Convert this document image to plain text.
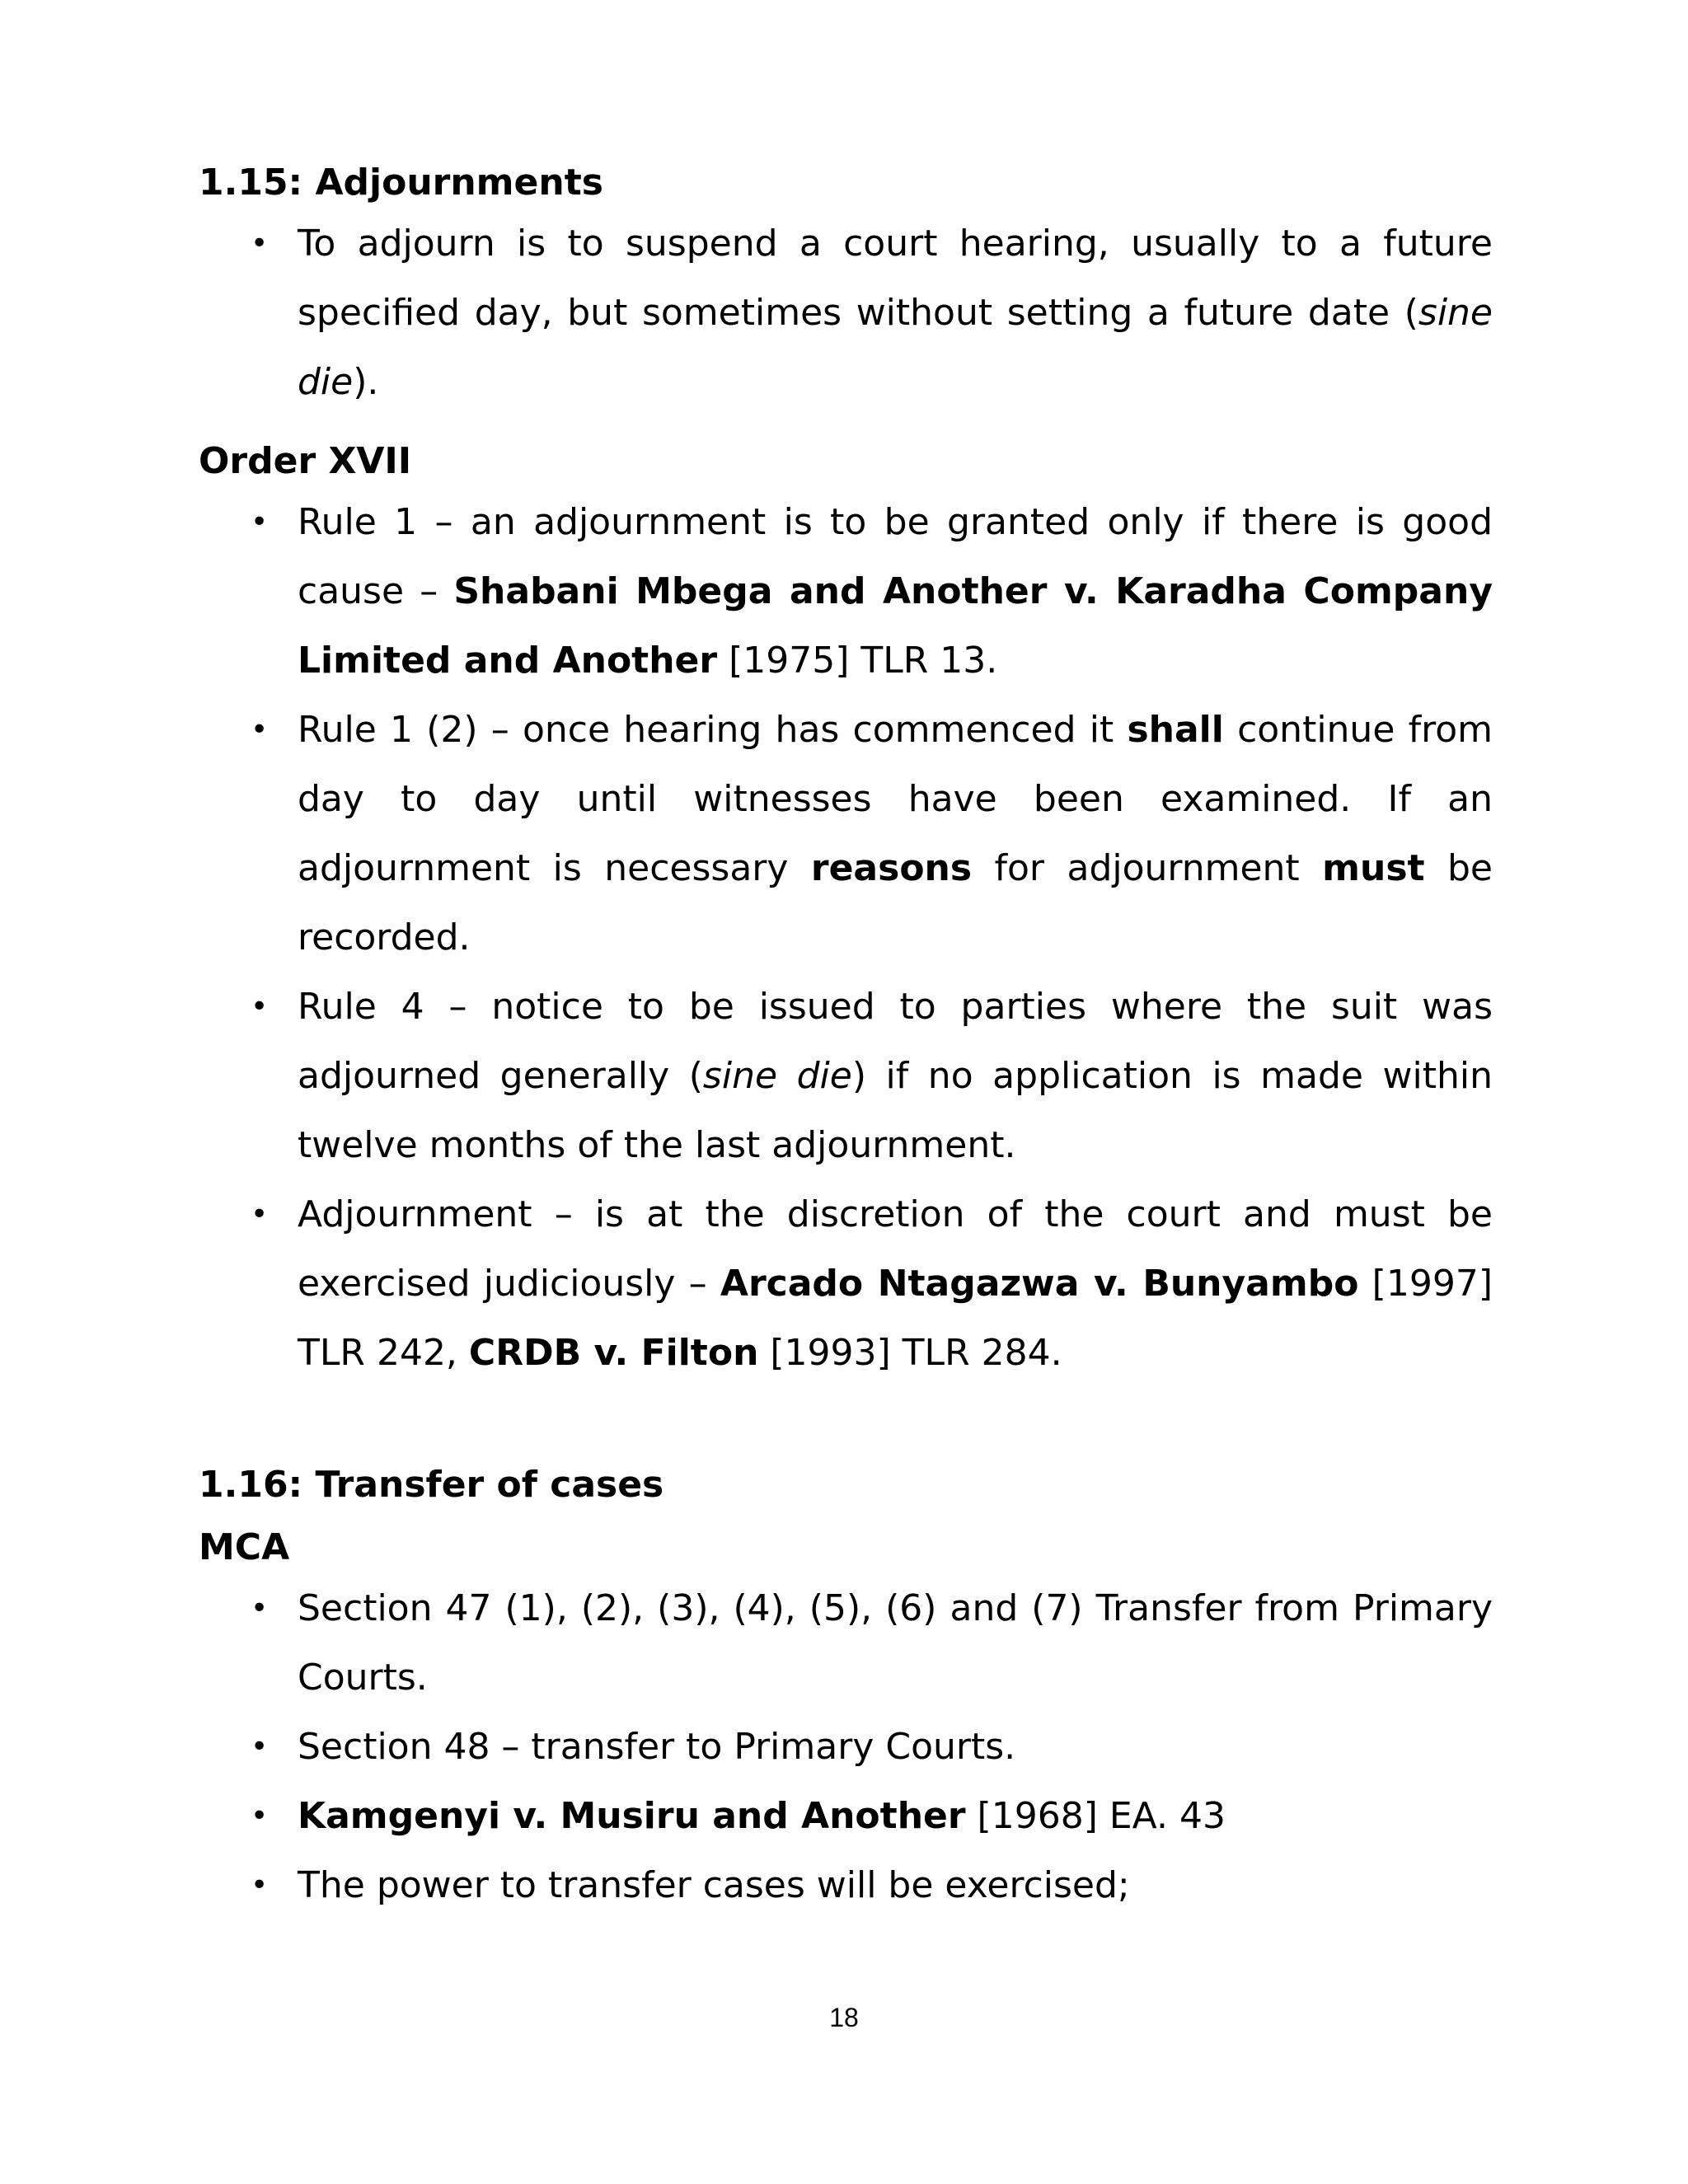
1.15: Adjournments
• To adjourn is to suspend a court hearing, usually to a future specified day, but sometimes without setting a future date (sine die).
Order XVII
• Rule 1 – an adjournment is to be granted only if there is good cause – Shabani Mbega and Another v. Karadha Company Limited and Another [1975] TLR 13.
• Rule 1 (2) – once hearing has commenced it shall continue from day to day until witnesses have been examined. If an adjournment is necessary reasons for adjournment must be recorded.
• Rule 4 – notice to be issued to parties where the suit was adjourned generally (sine die) if no application is made within twelve months of the last adjournment.
• Adjournment – is at the discretion of the court and must be exercised judiciously – Arcado Ntagazwa v. Bunyambo [1997] TLR 242, CRDB v. Filton [1993] TLR 284.
1.16: Transfer of cases
MCA
• Section 47 (1), (2), (3), (4), (5), (6) and (7) Transfer from Primary Courts.
• Section 48 – transfer to Primary Courts.
• Kamgenyi v. Musiru and Another [1968] EA. 43
• The power to transfer cases will be exercised;
18
